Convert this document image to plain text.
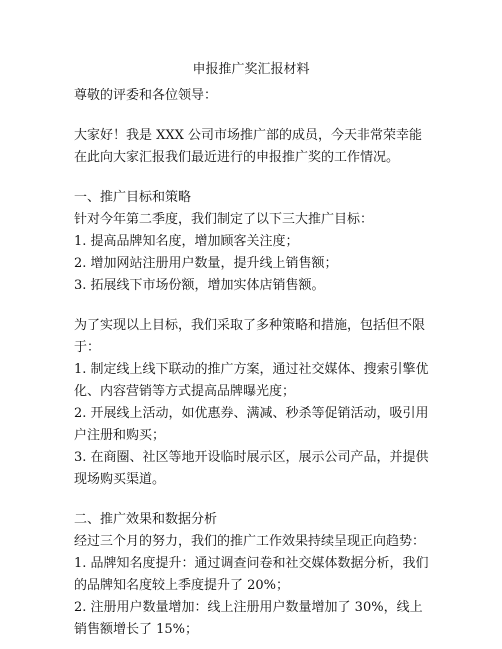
申报推广奖汇报材料
尊敬的评委和各位领导：
大家好！我是 XXX 公司市场推广部的成员，今天非常荣幸能
在此向大家汇报我们最近进行的申报推广奖的工作情况。
一、推广目标和策略
针对今年第二季度，我们制定了以下三大推广目标：
1. 提高品牌知名度，增加顾客关注度；
2. 增加网站注册用户数量，提升线上销售额；
3. 拓展线下市场份额，增加实体店销售额。
为了实现以上目标，我们采取了多种策略和措施，包括但不限
于：
1. 制定线上线下联动的推广方案，通过社交媒体、搜索引擎优
化、内容营销等方式提高品牌曝光度；
2. 开展线上活动，如优惠券、满减、秒杀等促销活动，吸引用
户注册和购买；
3. 在商圈、社区等地开设临时展示区，展示公司产品，并提供
现场购买渠道。
二、推广效果和数据分析
经过三个月的努力，我们的推广工作效果持续呈现正向趋势：
1. 品牌知名度提升：通过调查问卷和社交媒体数据分析，我们
的品牌知名度较上季度提升了 20%；
2. 注册用户数量增加：线上注册用户数量增加了 30%，线上
销售额增长了 15%；
